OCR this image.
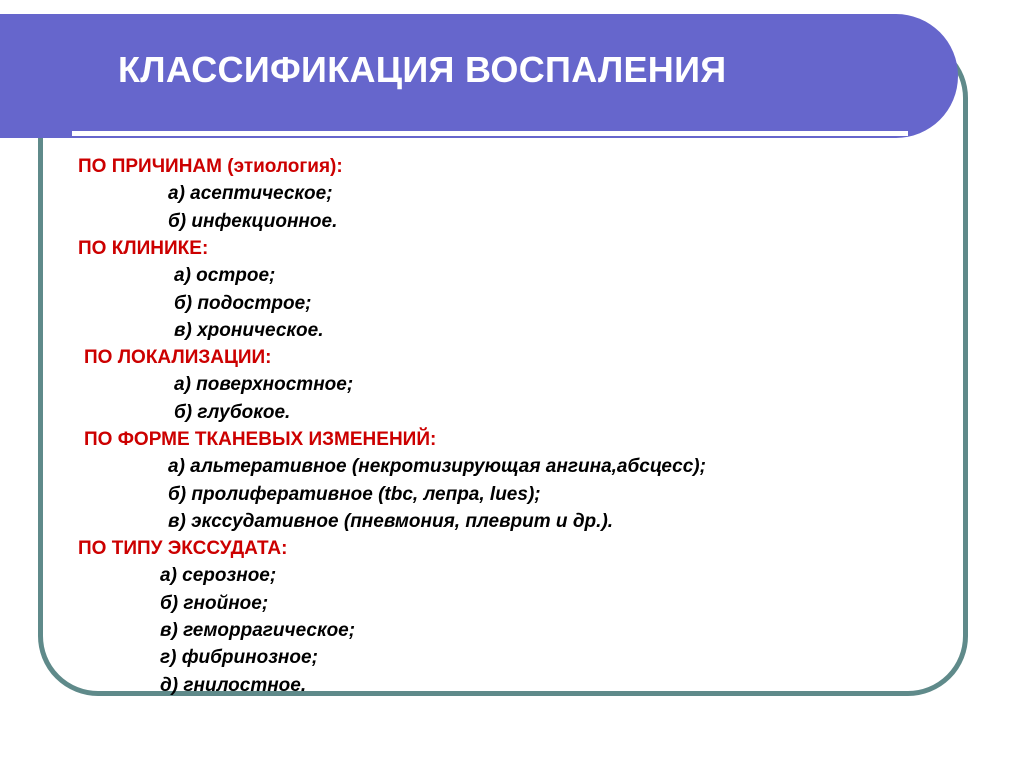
КЛАССИФИКАЦИЯ ВОСПАЛЕНИЯ
ПО ПРИЧИНАМ (этиология):
а) асептическое;
б) инфекционное.
ПО КЛИНИКЕ:
а) острое;
б) подострое;
в) хроническое.
ПО ЛОКАЛИЗАЦИИ:
а) поверхностное;
б) глубокое.
ПО ФОРМЕ ТКАНЕВЫХ ИЗМЕНЕНИЙ:
а) альтеративное (некротизирующая ангина,абсцесс);
б) пролиферативное (tbc, лепра, lues);
в) экссудативное (пневмония, плеврит и др.).
ПО ТИПУ ЭКССУДАТА:
а) серозное;
б) гнойное;
в) геморрагическое;
г) фибринозное;
д) гнилостное.
